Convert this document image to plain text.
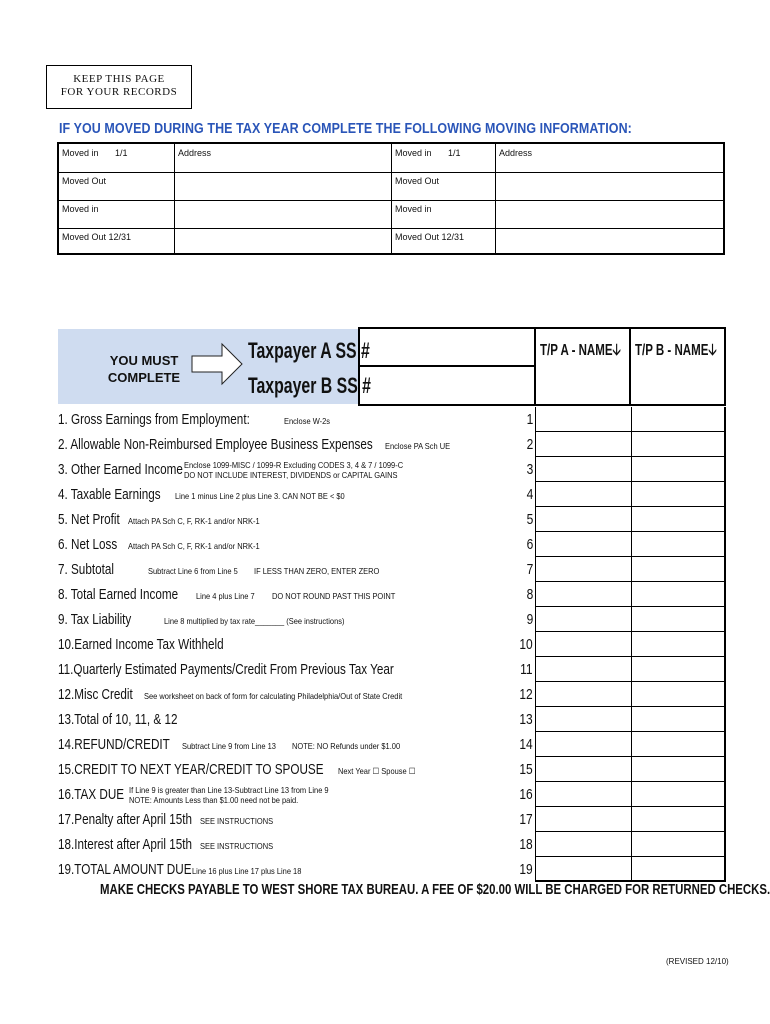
KEEP THIS PAGE
FOR YOUR RECORDS
IF YOU MOVED DURING THE TAX YEAR COMPLETE THE FOLLOWING MOVING INFORMATION:
Moved in 1/1	Address	Moved in 1/1	Address
Moved Out	Moved Out
Moved in	Moved in
Moved Out 12/31	Moved Out 12/31
YOU MUST
COMPLETE
Taxpayer A SS #
Taxpayer B SS #
T/P A - NAME🡣 T/P B - NAME🡣
1. Gross Earnings from Employment:	Enclose W-2s	1
2. Allowable Non-Reimbursed Employee Business Expenses Enclose PA Sch UE	2
3. Other Earned Income Enclose 1099-MISC / 1099-R Excluding CODES 3, 4 & 7 / 1099-C
DO NOT INCLUDE INTEREST, DIVIDENDS or CAPITAL GAINS	3
4. Taxable Earnings Line 1 minus Line 2 plus Line 3. CAN NOT BE < $0	4
5. Net Profit Attach PA Sch C, F, RK-1 and/or NRK-1	5
6. Net Loss Attach PA Sch C, F, RK-1 and/or NRK-1	6
7. Subtotal	Subtract Line 6 from Line 5 IF LESS THAN ZERO, ENTER ZERO	7
8. Total Earned Income Line 4 plus Line 7 DO NOT ROUND PAST THIS POINT	8
9. Tax Liability	Line 8 multiplied by tax rate_______ (See instructions)	9
10.Earned Income Tax Withheld	10
11.Quarterly Estimated Payments/Credit From Previous Tax Year	11
12.Misc Credit See worksheet on back of form for calculating Philadelphia/Out of State Credit	12
13.Total of 10, 11, & 12	13
14.REFUND/CREDIT Subtract Line 9 from Line 13 NOTE: NO Refunds under $1.00	14
15.CREDIT TO NEXT YEAR/CREDIT TO SPOUSE Next Year ☐ Spouse ☐	15
16.TAX DUE If Line 9 is greater than Line 13-Subtract Line 13 from Line 9
NOTE: Amounts Less than $1.00 need not be paid.	16
17.Penalty after April 15th SEE INSTRUCTIONS	17
18.Interest after April 15th SEE INSTRUCTIONS	18
19.TOTAL AMOUNT DUE Line 16 plus Line 17 plus Line 18	19
MAKE CHECKS PAYABLE TO WEST SHORE TAX BUREAU. A FEE OF $20.00 WILL BE CHARGED FOR RETURNED CHECKS.
(REVISED 12/10)
